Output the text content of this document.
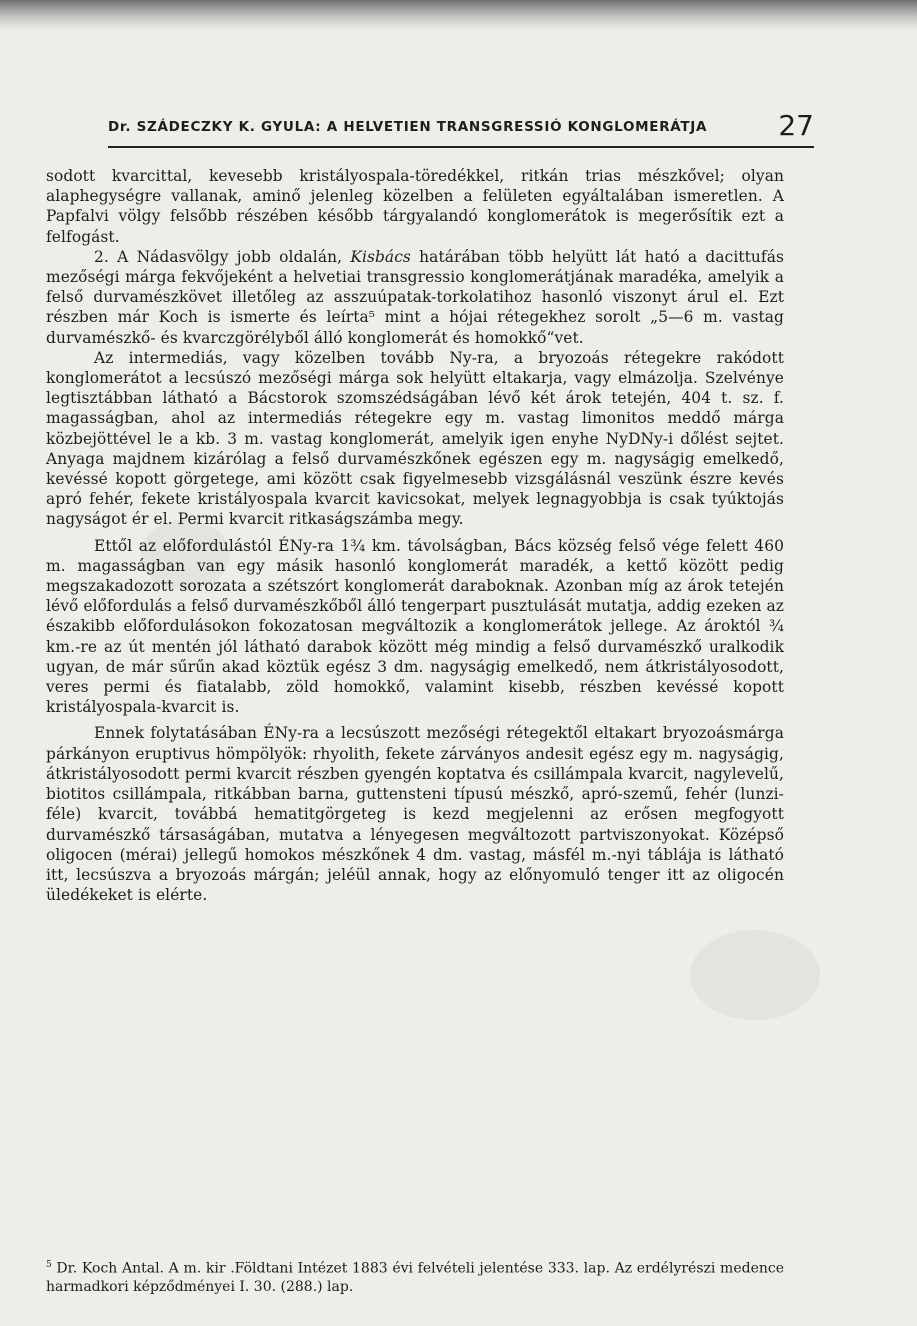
Dr. SZÁDECZKY K. GYULA: A HELVETIEN TRANSGRESSIÓ KONGLOMERÁTJA	27

sodott kvarcittal, kevesebb kristályospala-töredékkel, ritkán trias mészkővel; olyan alaphegységre vallanak, aminő jelenleg közelben a felületen egyáltalában ismeretlen. A Papfalvi völgy felsőbb részében később tárgyalandó konglomerátok is megerősítik ezt a felfogást.

2. A Nádasvölgy jobb oldalán, Kisbács határában több helyütt lát ható a dacittufás mezőségi márga fekvőjeként a helvetiai transgressio konglomerátjának maradéka, amelyik a felső durvamészkövet illetőleg az asszuúpatak-torkolatihoz hasonló viszonyt árul el. Ezt részben már Koch is ismerte és leírta⁵ mint a hójai rétegekhez sorolt „5—6 m. vastag durvamészkő- és kvarczgörélyből álló konglomerát és homokkő“vet.

Az intermediás, vagy közelben tovább Ny-ra, a bryozoás rétegekre rakódott konglomerátot a lecsúszó mezőségi márga sok helyütt eltakarja, vagy elmázolja. Szelvénye legtisztábban látható a Bácstorok szomszédságában lévő két árok tetején, 404 t. sz. f. magasságban, ahol az intermediás rétegekre egy m. vastag limonitos meddő márga közbejöttével le a kb. 3 m. vastag konglomerát, amelyik igen enyhe NyDNy-i dőlést sejtet. Anyaga majdnem kizárólag a felső durvamészkőnek egészen egy m. nagyságig emelkedő, kevéssé kopott görgetege, ami között csak figyelmesebb vizsgálásnál veszünk észre kevés apró fehér, fekete kristályospala kvarcit kavicsokat, melyek legnagyobbja is csak tyúktojás nagyságot ér el. Permi kvarcit ritkaságszámba megy.

Ettől az előfordulástól ÉNy-ra 1¾ km. távolságban, Bács község felső vége felett 460 m. magasságban van egy másik hasonló konglomerát maradék, a kettő között pedig megszakadozott sorozata a szétszórt konglomerát daraboknak. Azonban míg az árok tetején lévő előfordulás a felső durvamészkőből álló tengerpart pusztulását mutatja, addig ezeken az északibb előfordulásokon fokozatosan megváltozik a konglomerátok jellege. Az ároktól ¾ km.-re az út mentén jól látható darabok között még mindig a felső durvamészkő uralkodik ugyan, de már sűrűn akad köztük egész 3 dm. nagyságig emelkedő, nem átkristályosodott, veres permi és fiatalabb, zöld homokkő, valamint kisebb, részben kevéssé kopott kristályospala-kvarcit is.

Ennek folytatásában ÉNy-ra a lecsúszott mezőségi rétegektől eltakart bryozoásmárga párkányon eruptivus hömpölyök: rhyolith, fekete zárványos andesit egész egy m. nagyságig, átkristályosodott permi kvarcit részben gyengén koptatva és csillámpala kvarcit, nagylevelű, biotitos csillámpala, ritkábban barna, guttensteni típusú mészkő, apró-szemű, fehér (lunzi-féle) kvarcit, továbbá hematitgörgeteg is kezd megjelenni az erősen megfogyott durvamészkő társaságában, mutatva a lényegesen megváltozott partviszonyokat. Középső oligocen (mérai) jellegű homokos mészkőnek 4 dm. vastag, másfél m.-nyi táblája is látható itt, lecsúszva a bryozoás márgán; jeléül annak, hogy az előnyomuló tenger itt az oligocén üledékeket is elérte.

$^5$ Dr. Koch Antal. A m. kir .Földtani Intézet 1883 évi felvételi jelentése 333. lap. Az erdélyrészi medence harmadkori képződményei I. 30. (288.) lap.
